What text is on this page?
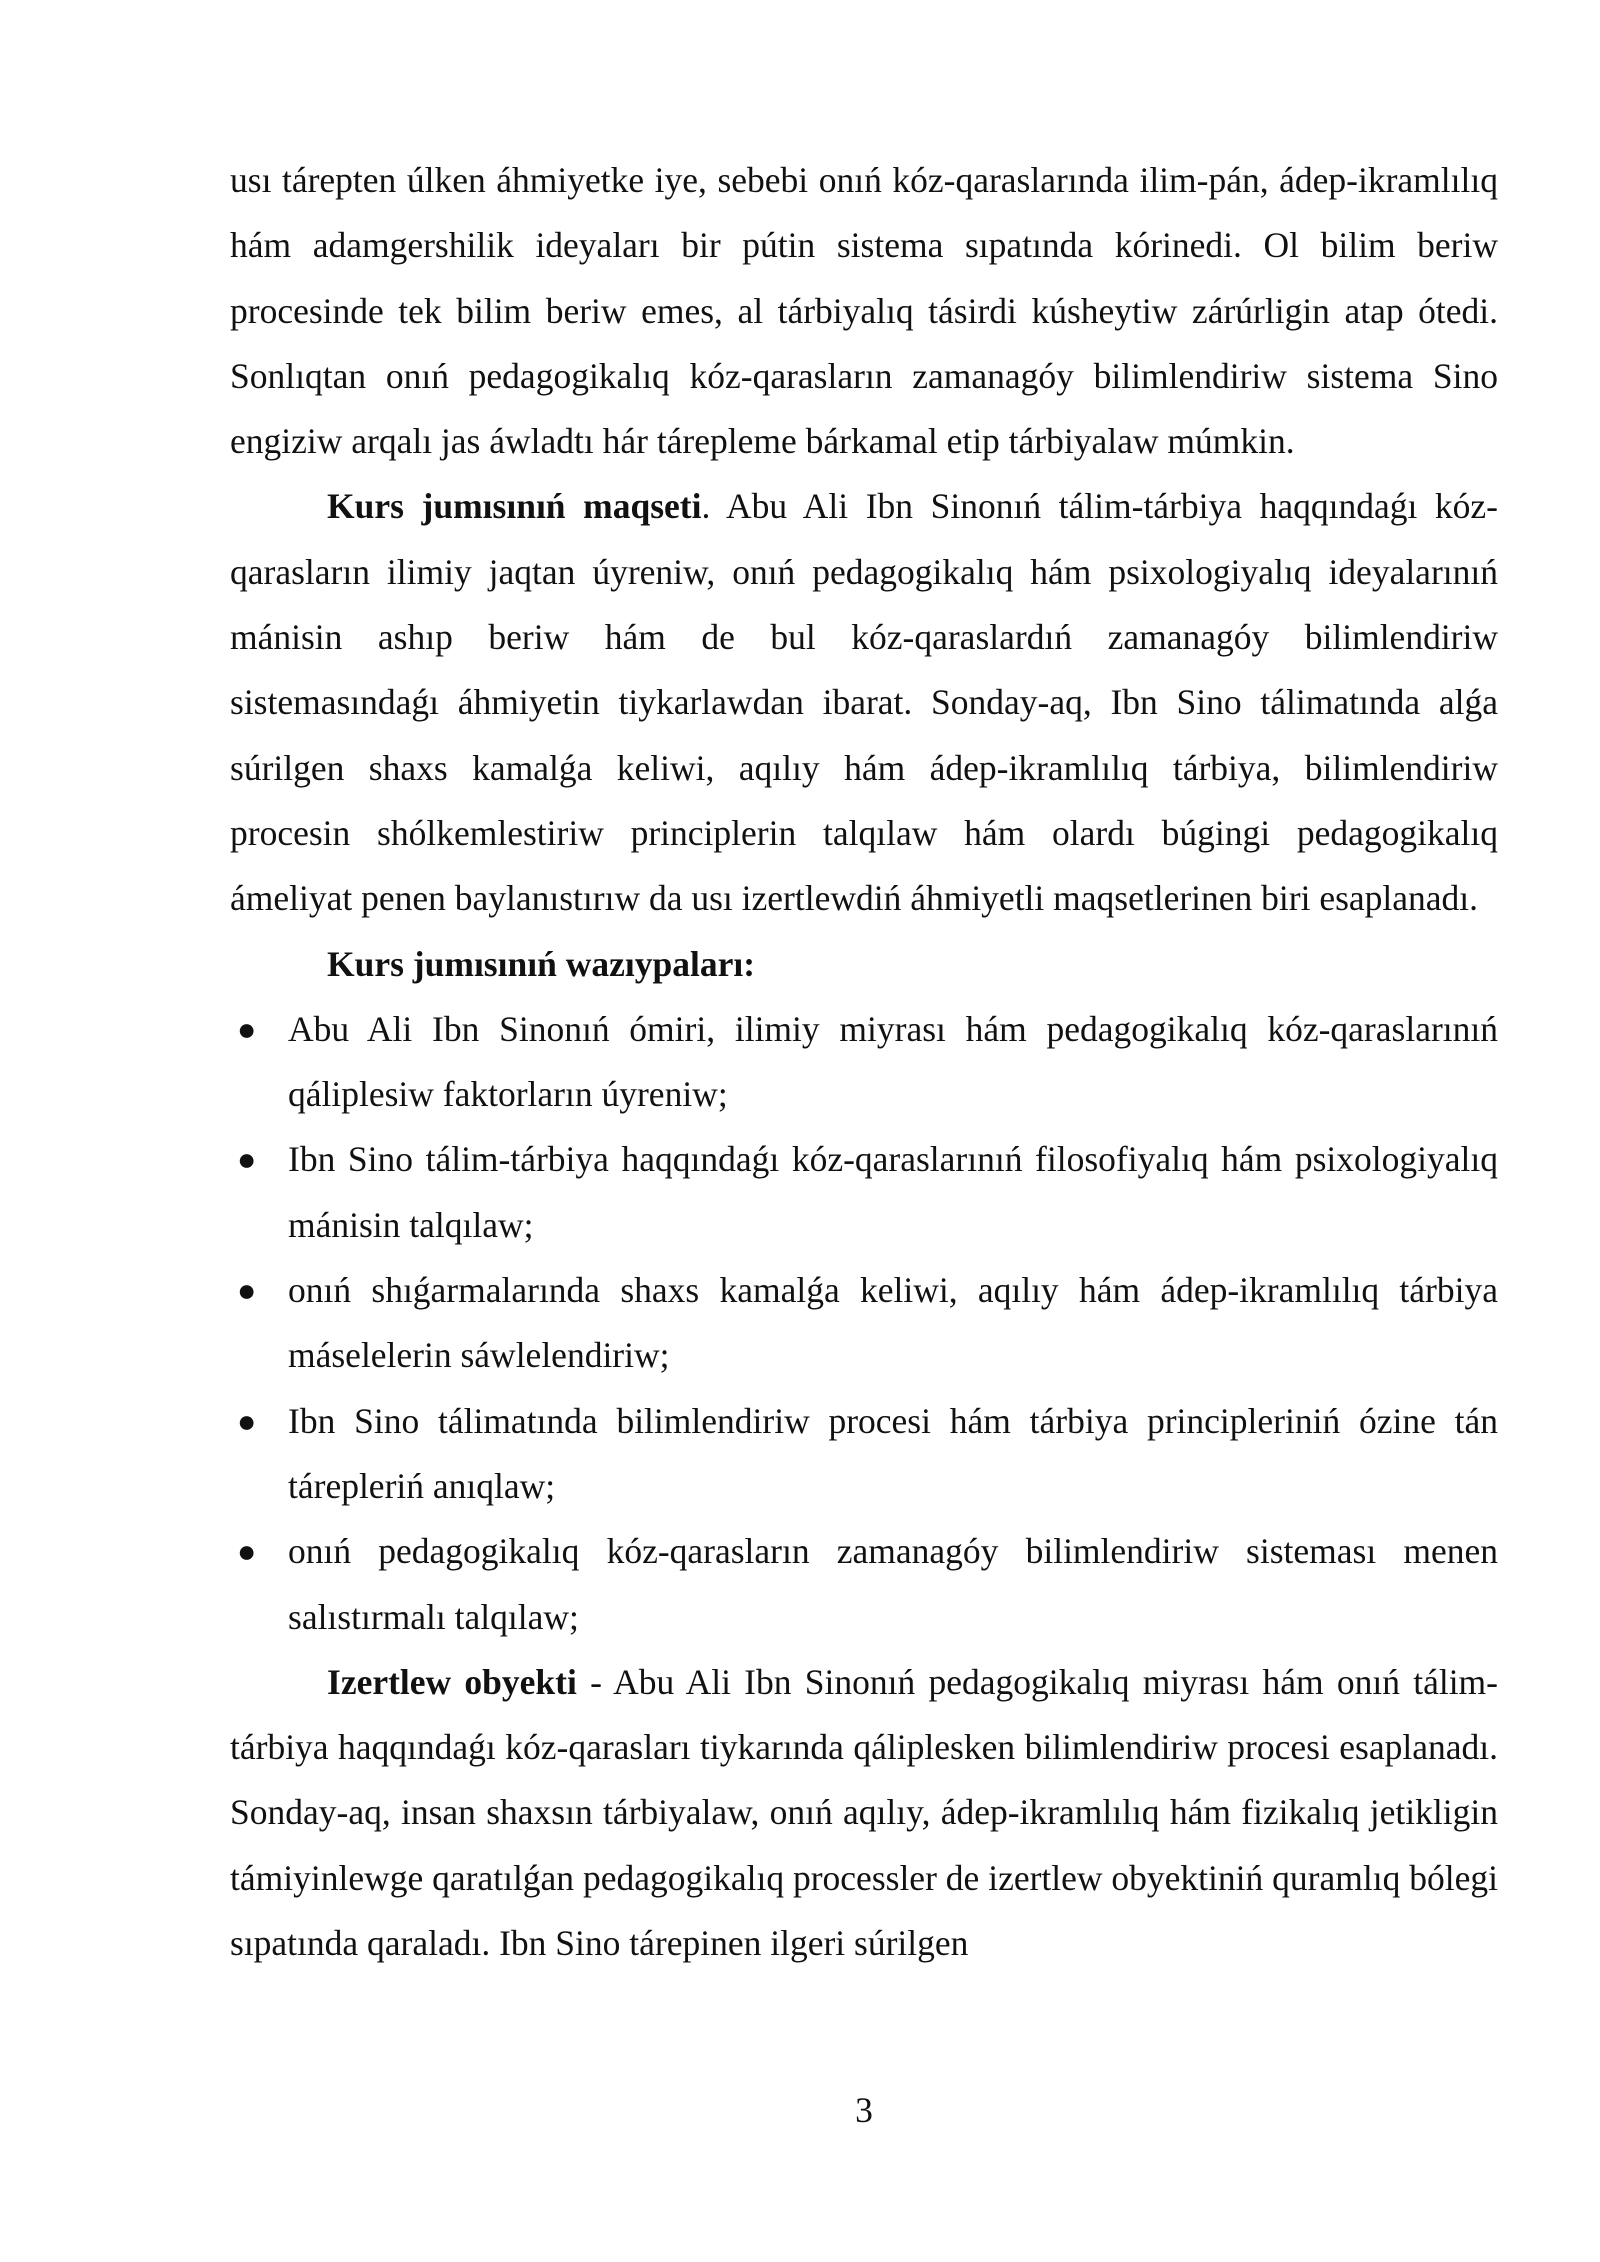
usı tárepten úlken áhmiyetke iye, sebebi onıń kóz-qaraslarında ilim-pán, ádep-ikramlılıq hám adamgershilik ideyaları bir pútin sistema sıpatında kórinedi. Ol bilim beriw procesinde tek bilim beriw emes, al tárbiyalıq tásirdi kúsheytiw zárúrligin atap ótedi. Sonlıqtan onıń pedagogikalıq kóz-qarasların zamanagóy bilimlendiriw sistema Sino engiziw arqalı jas áwladtı hár tárepleme bárkamal etip tárbiyalaw múmkin.

Kurs jumısınıń maqseti. Abu Ali Ibn Sinonıń tálim-tárbiya haqqındaǵı kóz-qarasların ilimiy jaqtan úyreniw, onıń pedagogikalıq hám psixologiyalıq ideyalarınıń mánisin ashıp beriw hám de bul kóz-qaraslardıń zamanagóy bilimlendiriw sistemasındaǵı áhmiyetin tiykarlawdan ibarat. Sonday-aq, Ibn Sino tálimatında alǵa súrilgen shaxs kamalǵa keliwi, aqılıy hám ádep-ikramlılıq tárbiya, bilimlendiriw procesin shólkemlestiriw principlerin talqılaw hám olardı búgingi pedagogikalıq ámeliyat penen baylanıstırıw da usı izertlewdiń áhmiyetli maqsetlerinen biri esaplanadı.

Kurs jumısınıń wazıypaları:

● Abu Ali Ibn Sinonıń ómiri, ilimiy miyrası hám pedagogikalıq kóz-qaraslarınıń qáliplesiw faktorların úyreniw;
● Ibn Sino tálim-tárbiya haqqındaǵı kóz-qaraslarınıń filosofiyalıq hám psixologiyalıq mánisin talqılaw;
● onıń shıǵarmalarında shaxs kamalǵa keliwi, aqılıy hám ádep-ikramlılıq tárbiya máselelerin sáwlelendiriw;
● Ibn Sino tálimatında bilimlendiriw procesi hám tárbiya principleriniń ózine tán tárepleriń anıqlaw;
● onıń pedagogikalıq kóz-qarasların zamanagóy bilimlendiriw sisteması menen salıstırmalı talqılaw;

Izertlew obyekti - Abu Ali Ibn Sinonıń pedagogikalıq miyrası hám onıń tálim-tárbiya haqqındaǵı kóz-qarasları tiykarında qáliplesken bilimlendiriw procesi esaplanadı. Sonday-aq, insan shaxsın tárbiyalaw, onıń aqılıy, ádep-ikramlılıq hám fizikalıq jetikligin támiyinlewge qaratılǵan pedagogikalıq processler de izertlew obyektiniń quramlıq bólegi sıpatında qaraladı. Ibn Sino tárepinen ilgeri súrilgen

3
